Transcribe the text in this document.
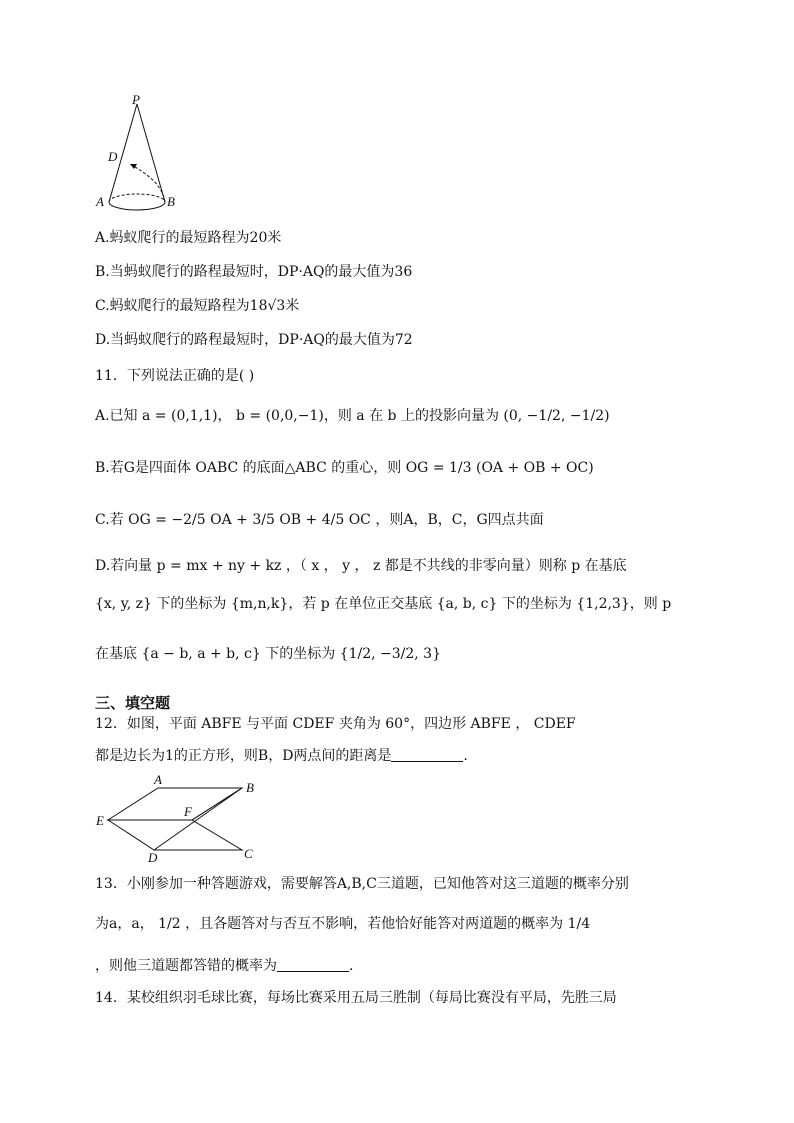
P
D
A	B
A.蚂蚁爬行的最短路程为20米
B.当蚂蚁爬行的路程最短时，DP·AQ的最大值为36
C.蚂蚁爬行的最短路程为18√3米
D.当蚂蚁爬行的路程最短时，DP·AQ的最大值为72
11．下列说法正确的是( )
A.已知 a = (0,1,1)， b = (0,0,−1)，则 a 在 b 上的投影向量为 (0, −1/2, −1/2)
B.若G是四面体 OABC 的底面△ABC 的重心，则 OG = 1/3 (OA + OB + OC)
C.若 OG = −2/5 OA + 3/5 OB + 4/5 OC ，则A，B，C，G四点共面
D.若向量 p = mx + ny + kz ，（ x ， y ， z 都是不共线的非零向量）则称 p 在基底
{x, y, z} 下的坐标为 {m,n,k}，若 p 在单位正交基底 {a, b, c} 下的坐标为 {1,2,3}，则 p
在基底 {a − b, a + b, c} 下的坐标为 {1/2, −3/2, 3}
三、填空题
12．如图，平面 ABFE 与平面 CDEF 夹角为 60°，四边形 ABFE ， CDEF
都是边长为1的正方形，则B，D两点间的距离是	.
A
B
E
F
D	C
13．小刚参加一种答题游戏，需要解答A,B,C三道题，已知他答对这三道题的概率分别
为a，a， 1/2 ，且各题答对与否互不影响，若他恰好能答对两道题的概率为 1/4
，则他三道题都答错的概率为	.
14．某校组织羽毛球比赛，每场比赛采用五局三胜制（每局比赛没有平局，先胜三局
